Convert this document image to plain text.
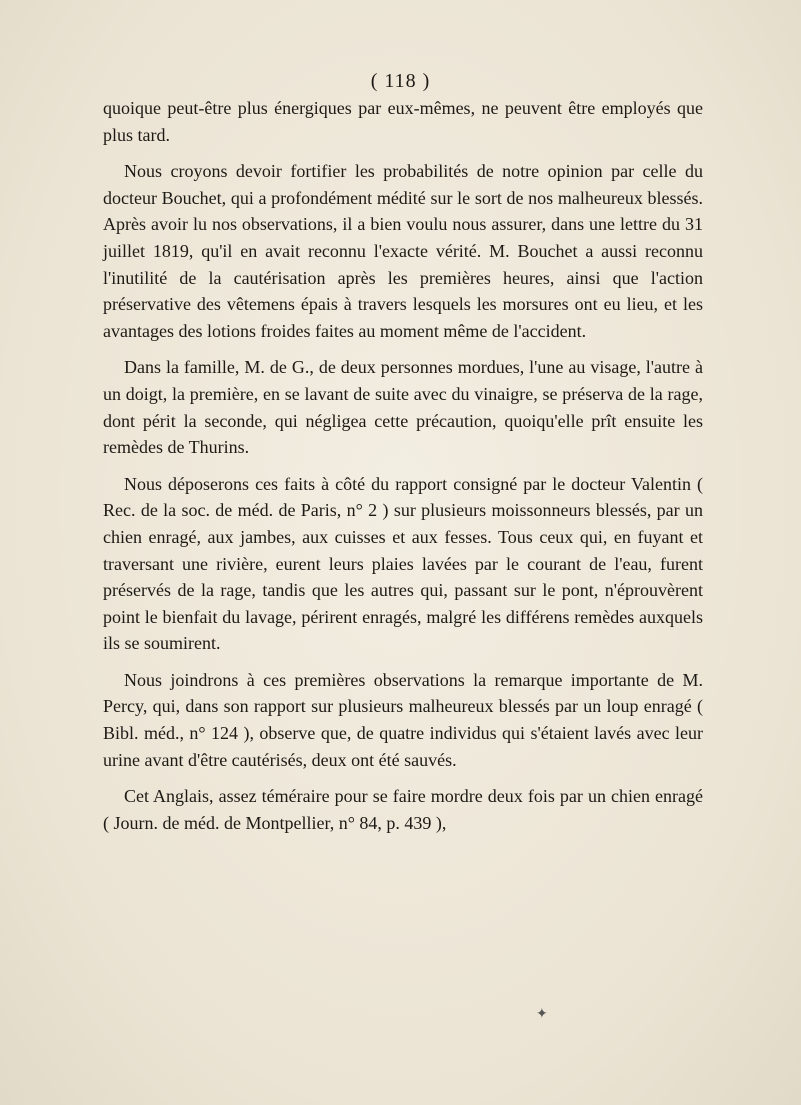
( 118 )

quoique peut-être plus énergiques par eux-mêmes, ne peuvent être employés que plus tard.

Nous croyons devoir fortifier les probabilités de notre opinion par celle du docteur Bouchet, qui a profondément médité sur le sort de nos malheureux blessés. Après avoir lu nos observations, il a bien voulu nous assurer, dans une lettre du 31 juillet 1819, qu'il en avait reconnu l'exacte vérité. M. Bouchet a aussi reconnu l'inutilité de la cautérisation après les premières heures, ainsi que l'action préservative des vêtemens épais à travers lesquels les morsures ont eu lieu, et les avantages des lotions froides faites au moment même de l'accident.

Dans la famille, M. de G., de deux personnes mordues, l'une au visage, l'autre à un doigt, la première, en se lavant de suite avec du vinaigre, se préserva de la rage, dont périt la seconde, qui négligea cette précaution, quoiqu'elle prît ensuite les remèdes de Thurins.

Nous déposerons ces faits à côté du rapport consigné par le docteur Valentin ( Rec. de la soc. de méd. de Paris, n° 2 ) sur plusieurs moissonneurs blessés, par un chien enragé, aux jambes, aux cuisses et aux fesses. Tous ceux qui, en fuyant et traversant une rivière, eurent leurs plaies lavées par le courant de l'eau, furent préservés de la rage, tandis que les autres qui, passant sur le pont, n'éprouvèrent point le bienfait du lavage, périrent enragés, malgré les différens remèdes auxquels ils se soumirent.

Nous joindrons à ces premières observations la remarque importante de M. Percy, qui, dans son rapport sur plusieurs malheureux blessés par un loup enragé ( Bibl. méd., n° 124 ), observe que, de quatre individus qui s'étaient lavés avec leur urine avant d'être cautérisés, deux ont été sauvés.

Cet Anglais, assez téméraire pour se faire mordre deux fois par un chien enragé ( Journ. de méd. de Montpellier, n° 84, p. 439 ),

✦
